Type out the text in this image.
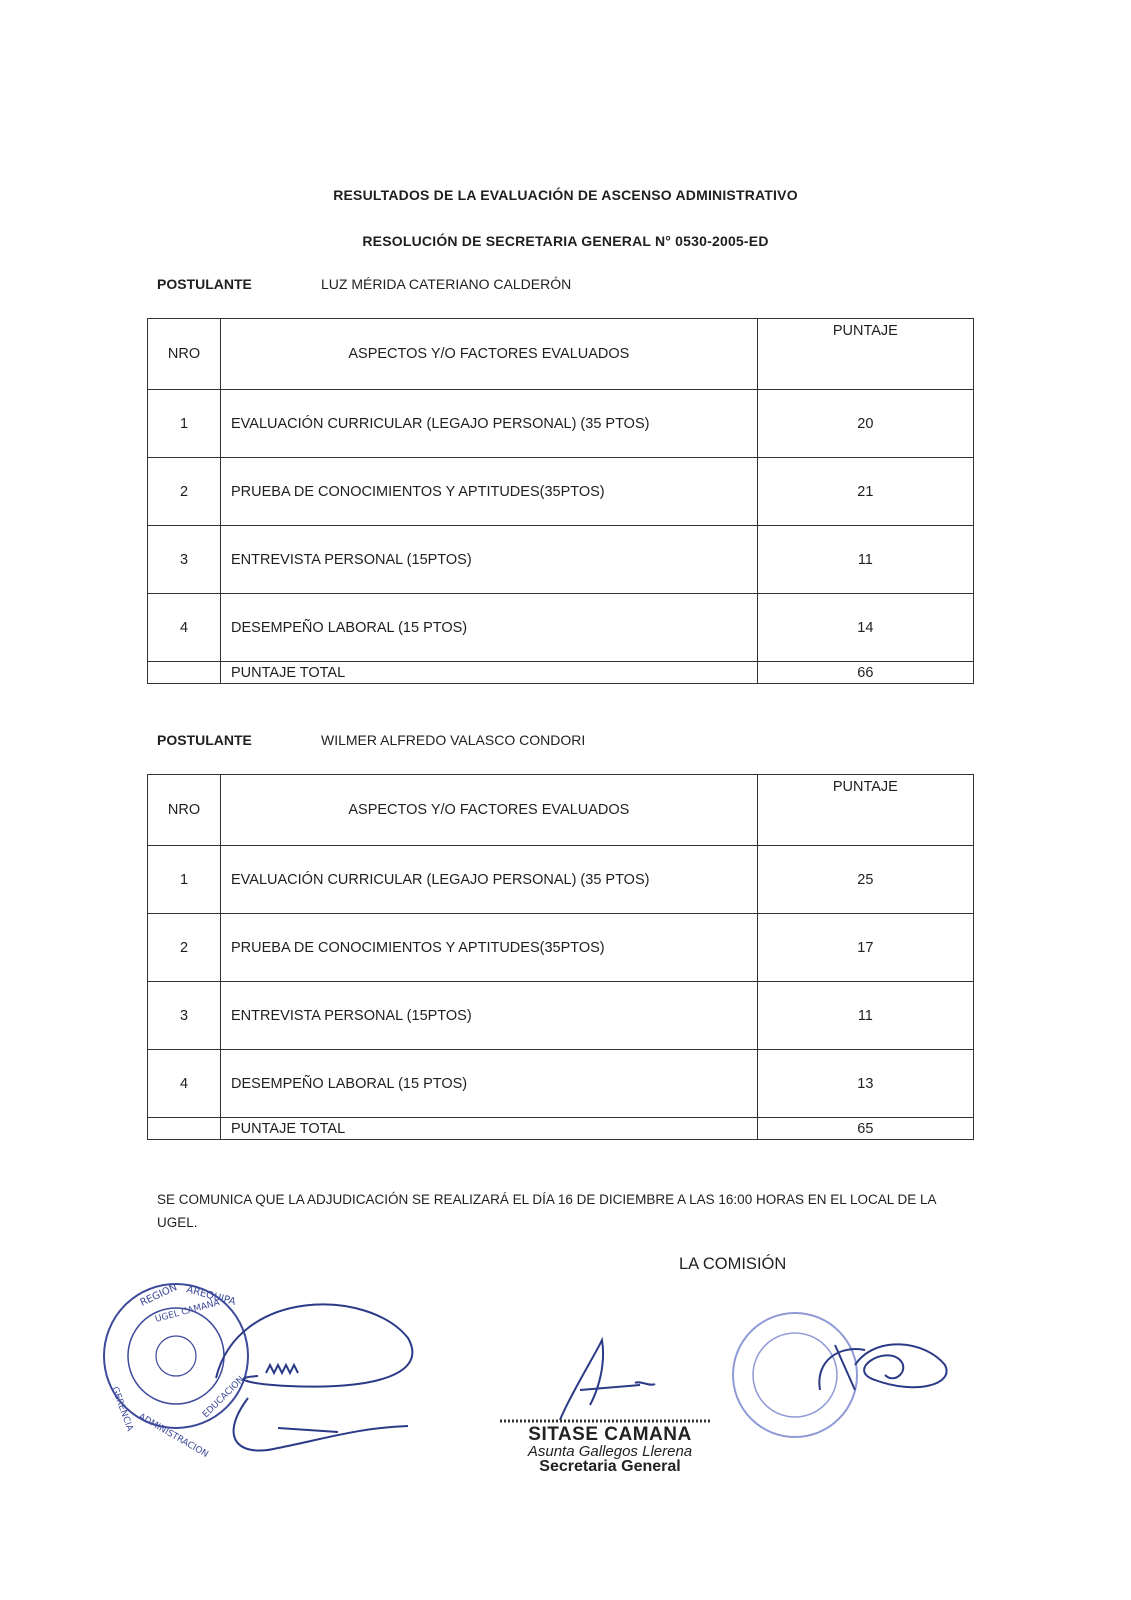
RESULTADOS DE LA EVALUACIÓN DE ASCENSO ADMINISTRATIVO
RESOLUCIÓN DE SECRETARIA GENERAL N° 0530-2005-ED
POSTULANTE	LUZ MÉRIDA CATERIANO CALDERÓN
NRO	ASPECTOS Y/O FACTORES EVALUADOS	PUNTAJE
1	EVALUACIÓN CURRICULAR (LEGAJO PERSONAL) (35 PTOS)	20
2	PRUEBA DE CONOCIMIENTOS Y APTITUDES(35PTOS)	21
3	ENTREVISTA PERSONAL (15PTOS)	11
4	DESEMPEÑO LABORAL (15 PTOS)	14
	PUNTAJE TOTAL	66
POSTULANTE	WILMER ALFREDO VALASCO CONDORI
NRO	ASPECTOS Y/O FACTORES EVALUADOS	PUNTAJE
1	EVALUACIÓN CURRICULAR (LEGAJO PERSONAL) (35 PTOS)	25
2	PRUEBA DE CONOCIMIENTOS Y APTITUDES(35PTOS)	17
3	ENTREVISTA PERSONAL (15PTOS)	11
4	DESEMPEÑO LABORAL (15 PTOS)	13
	PUNTAJE TOTAL	65
SE COMUNICA QUE LA ADJUDICACIÓN SE REALIZARÁ EL DÍA 16 DE DICIEMBRE A LAS 16:00 HORAS EN EL LOCAL DE LA UGEL.
LA COMISIÓN
REGION AREQUIPA
UGEL CAMANA
GERENCIA
ADMINISTRACION
EDUCACION
SITASE CAMANA
Asunta Gallegos Llerena
Secretaria General
